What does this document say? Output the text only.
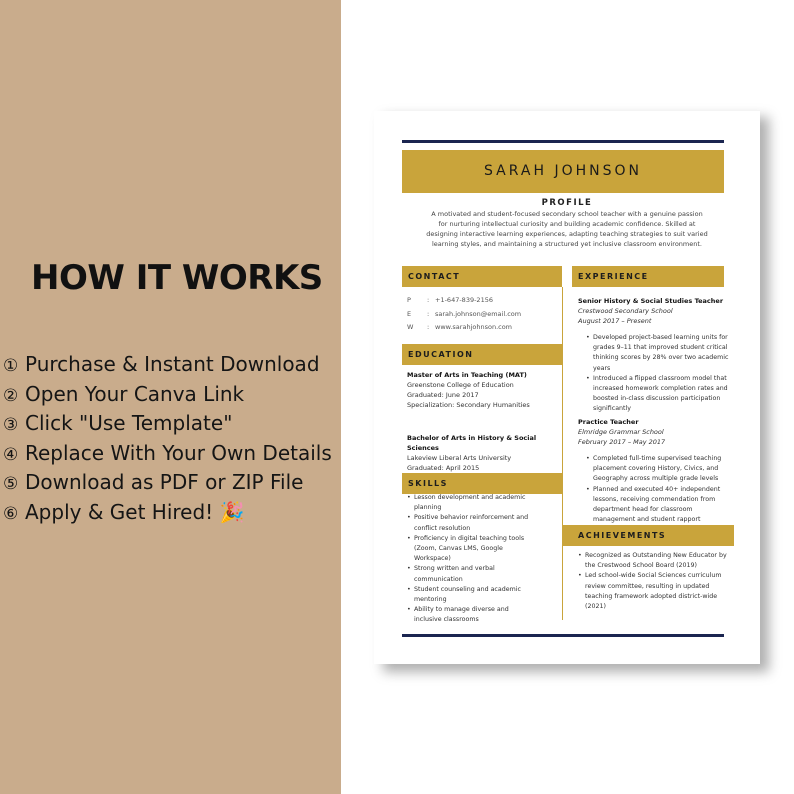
HOW IT WORKS
① Purchase & Instant Download
② Open Your Canva Link
③ Click "Use Template"
④ Replace With Your Own Details
⑤ Download as PDF or ZIP File
⑥ Apply & Get Hired! 🎉
SARAH JOHNSON
PROFILE
A motivated and student-focused secondary school teacher with a genuine passion for nurturing intellectual curiosity and building academic confidence. Skilled at designing interactive learning experiences, adapting teaching strategies to suit varied learning styles, and maintaining a structured yet inclusive classroom environment.
CONTACT
P : +1-647-839-2156
E : sarah.johnson@email.com
W : www.sarahjohnson.com
EDUCATION
Master of Arts in Teaching (MAT)
Greenstone College of Education
Graduated: June 2017
Specialization: Secondary Humanities
Bachelor of Arts in History & Social Sciences
Lakeview Liberal Arts University
Graduated: April 2015
SKILLS
• Lesson development and academic planning
• Positive behavior reinforcement and conflict resolution
• Proficiency in digital teaching tools (Zoom, Canvas LMS, Google Workspace)
• Strong written and verbal communication
• Student counseling and academic mentoring
• Ability to manage diverse and inclusive classrooms
EXPERIENCE
Senior History & Social Studies Teacher
Crestwood Secondary School
August 2017 – Present
• Developed project-based learning units for grades 9–11 that improved student critical thinking scores by 28% over two academic years
• Introduced a flipped classroom model that increased homework completion rates and boosted in-class discussion participation significantly
Practice Teacher
Elmridge Grammar School
February 2017 – May 2017
• Completed full-time supervised teaching placement covering History, Civics, and Geography across multiple grade levels
• Planned and executed 40+ independent lessons, receiving commendation from department head for classroom management and student rapport
ACHIEVEMENTS
• Recognized as Outstanding New Educator by the Crestwood School Board (2019)
• Led school-wide Social Sciences curriculum review committee, resulting in updated teaching framework adopted district-wide (2021)
